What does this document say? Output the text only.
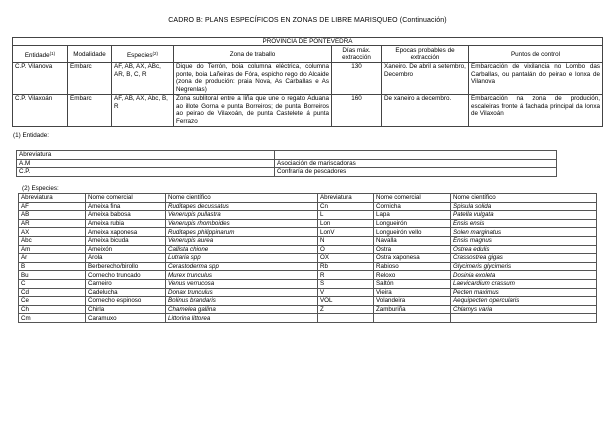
CADRO B: PLANS ESPECÍFICOS EN ZONAS DE LIBRE MARISQUEO (Continuación)
PROVINCIA DE PONTEVEDRA						
Entidade$^{(1)}$	Modalidade	Especies$^{(2)}$	Zona de traballo	Días máx. extracción	Epocas probables de extracción	Puntos de control
C.P. Vilanova	Embarc	AF, AB, AX, ABc, AR, B, C, R	Dique do Terrón, boia columna eléctrica, columna ponte, boia Lañeiras de Fóra, espicho rego do Alcaide (zona de produción: praia Nova, As Carballas e As Negrenlas)	130	Xaneiro. De abril a setembro, Decembro	Embarcación de vixilancia no Lombo das Carballas, ou pantalán do peirao e lonxa de Vilanova
C.P. Vilaxoán	Embarc	AF, AB, AX, Abc, B, R	Zona sublitoral entre a liña que une o regato Aduana ao illote Gorna e punta Borreiros; de punta Borreiros ao peirao de Vilaxoán, de punta Castelete á punta Ferrazo	160	De xaneiro a decembro.	Embarcación na zona de produción, escaleiras fronte á fachada principal da lonxa de Vilaxoán
(1) Entidade:
Abreviatura	
A.M	Asociación de mariscadoras
C.P.	Confraría de pescadores
(2) Especies:
Abreviatura	Nome comercial	Nome científico	Abreviatura	Nome comercial	Nome científico
AF	Ameixa fina	Ruditapes decussatus	Cn	Cornicha	Spisula solida
AB	Ameixa babosa	Venerupis pullastra	L	Lapa	Patella vulgata
AR	Ameixa rubia	Venerupis rhomboides	Lon	Longueirón	Ensis ensis
AX	Ameixa xaponesa	Ruditapes philippinarum	LonV	Longueirón vello	Solen marginatus
Abc	Ameixa bicuda	Venerupis aurea	N	Navalla	Ensis magnus
Am	Ameixón	Callista chione	O	Ostra	Ostrea edulis
Ar	Arola	Lutraria spp	OX	Ostra xaponesa	Crassostrea gigas
B	Berberecho/birollo	Cerastoderma spp	Rb	Rabioso	Glycimeris glycimeris
Bu	Cornecho truncado	Murex trunculus	R	Reloxo	Dosinia exoleta
C	Carneiro	Venus verrucosa	S	Saltón	Laevicardium crassum
Cd	Cadelucha	Donax trunculus	V	Vieira	Pecten maximus
Ce	Cornecho espinoso	Bolinus brandaris	VOL	Volandeira	Aequipecten opercularis
Ch	Chirla	Chamelea gallina	Z	Zamburiña	Chlamys varia
Cm	Caramuxo	Littorina littorea			
